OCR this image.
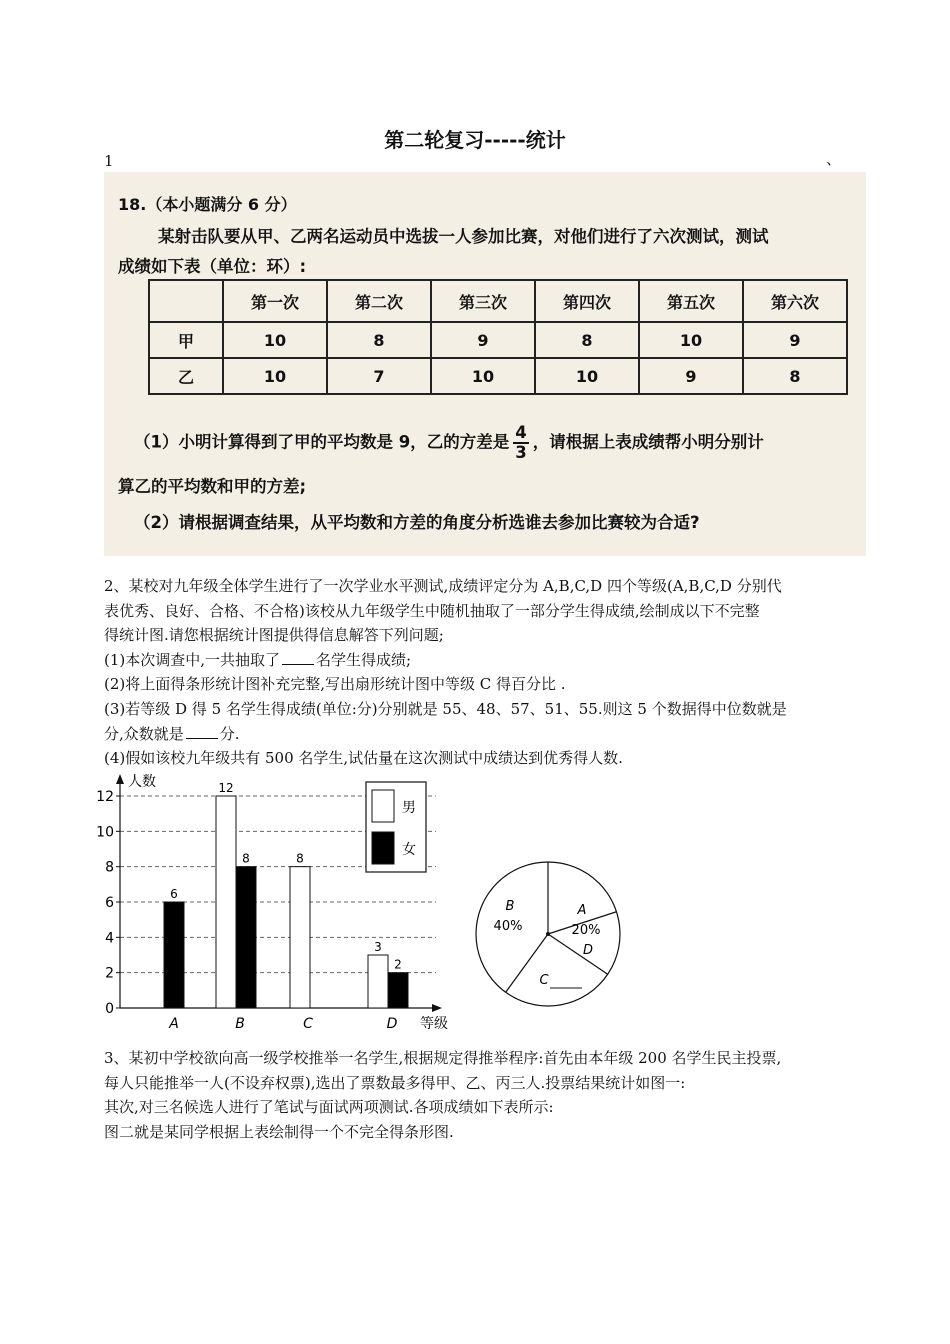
第二轮复习-----统计
1	、
18.（本小题满分 6 分）
某射击队要从甲、乙两名运动员中选拔一人参加比赛，对他们进行了六次测试，测试
成绩如下表（单位：环）:
	第一次	第二次	第三次	第四次	第五次	第六次
甲	10	8	9	8	10	9
乙	10	7	10	10	9	8
（1）小明计算得到了甲的平均数是 9，乙的方差是 $\frac{4}{3}$ ，请根据上表成绩帮小明分别计
算乙的平均数和甲的方差;
（2）请根据调查结果，从平均数和方差的角度分析选谁去参加比赛较为合适?
2、某校对九年级全体学生进行了一次学业水平测试,成绩评定分为 A,B,C,D 四个等级(A,B,C,D 分别代
表优秀、良好、合格、不合格)该校从九年级学生中随机抽取了一部分学生得成绩,绘制成以下不完整
得统计图.请您根据统计图提供得信息解答下列问题;
(1)本次调查中,一共抽取了 名学生得成绩;
(2)将上面得条形统计图补充完整,写出扇形统计图中等级 C 得百分比 .
(3)若等级 D 得 5 名学生得成绩(单位:分)分别就是 55、48、57、51、55.则这 5 个数据得中位数就是
分,众数就是 分.
(4)假如该校九年级共有 500 名学生,试估量在这次测试中成绩达到优秀得人数.
0
2
4
6
8
10
12
人数
等级
A
6
B
12
8
C
8
D
3
2
男
女
A
20%
B
40%
C
D
3、某初中学校欲向高一级学校推举一名学生,根据规定得推举程序:首先由本年级 200 名学生民主投票,
每人只能推举一人(不设弃权票),选出了票数最多得甲、乙、丙三人.投票结果统计如图一:
其次,对三名候选人进行了笔试与面试两项测试.各项成绩如下表所示:
图二就是某同学根据上表绘制得一个不完全得条形图.
